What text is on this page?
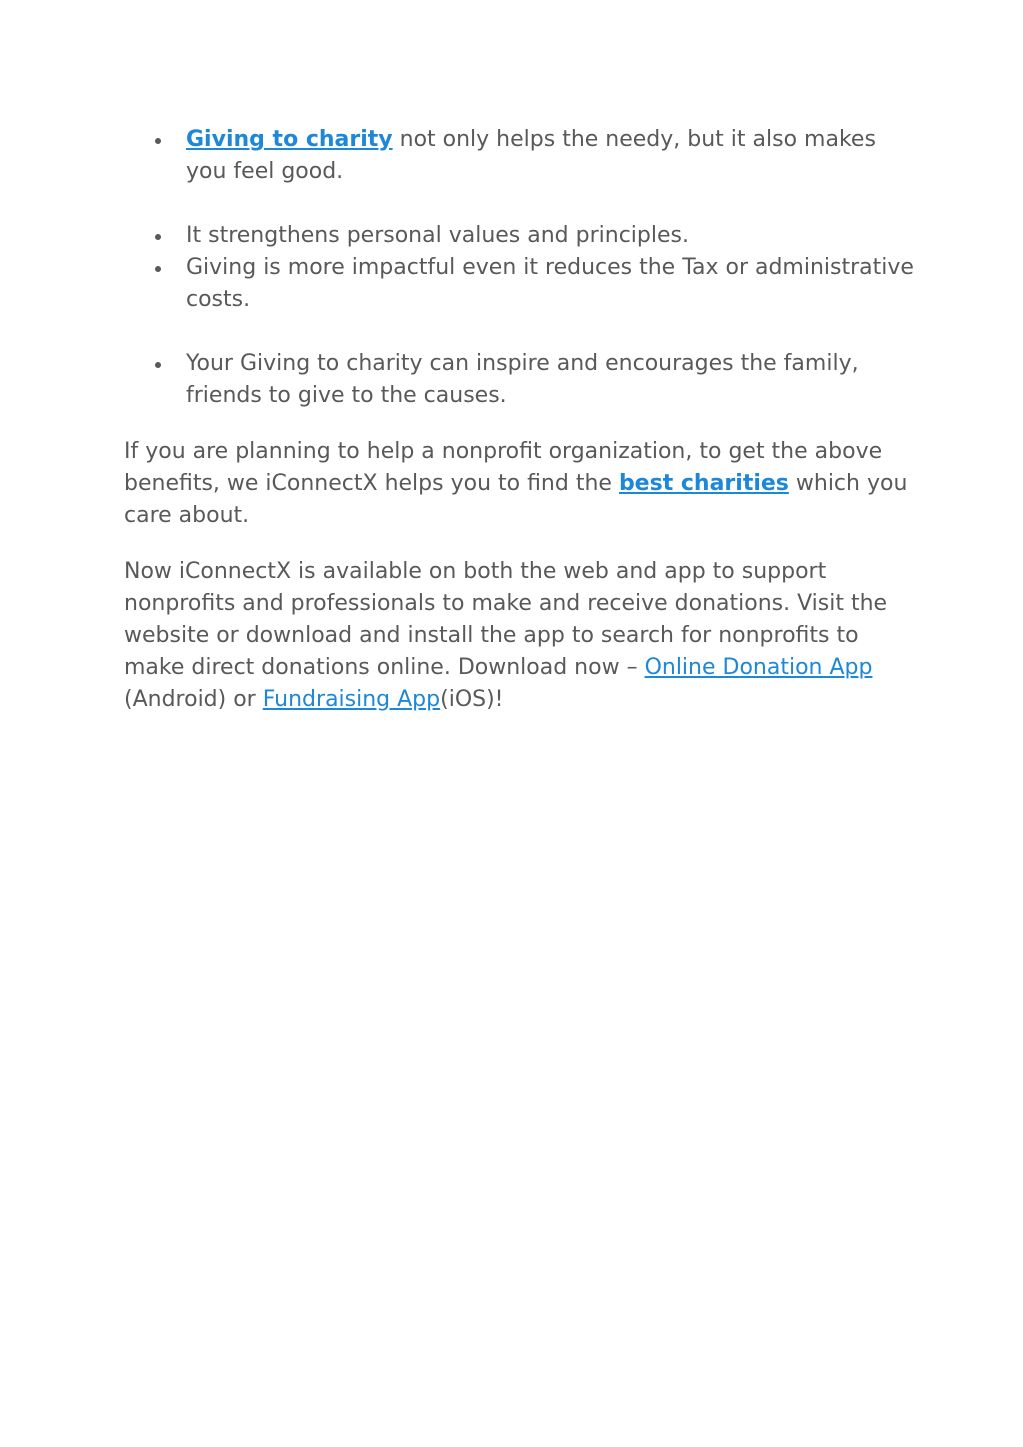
Giving to charity not only helps the needy, but it also makes you feel good.
It strengthens personal values and principles.
Giving is more impactful even it reduces the Tax or administrative costs.
Your Giving to charity can inspire and encourages the family, friends to give to the causes.

If you are planning to help a nonprofit organization, to get the above benefits, we iConnectX helps you to find the best charities which you care about.

Now iConnectX is available on both the web and app to support nonprofits and professionals to make and receive donations. Visit the website or download and install the app to search for nonprofits to make direct donations online. Download now – Online Donation App (Android) or Fundraising App(iOS)!
